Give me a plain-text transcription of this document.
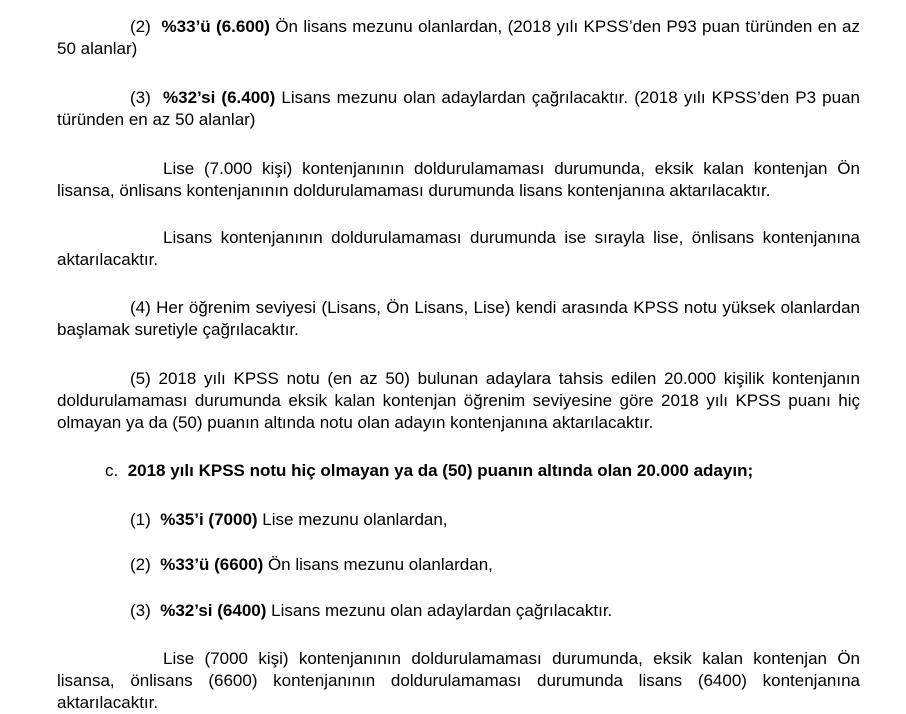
(2) %33’ü (6.600) Ön lisans mezunu olanlardan, (2018 yılı KPSS’den P93 puan türünden en az 50 alanlar)
(3) %32’si (6.400) Lisans mezunu olan adaylardan çağrılacaktır. (2018 yılı KPSS’den P3 puan türünden en az 50 alanlar)
Lise (7.000 kişi) kontenjanının doldurulamaması durumunda, eksik kalan kontenjan Ön lisansa, önlisans kontenjanının doldurulamaması durumunda lisans kontenjanına aktarılacaktır.
Lisans kontenjanının doldurulamaması durumunda ise sırayla lise, önlisans kontenjanına aktarılacaktır.
(4) Her öğrenim seviyesi (Lisans, Ön Lisans, Lise) kendi arasında KPSS notu yüksek olanlardan başlamak suretiyle çağrılacaktır.
(5) 2018 yılı KPSS notu (en az 50) bulunan adaylara tahsis edilen 20.000 kişilik kontenjanın doldurulamaması durumunda eksik kalan kontenjan öğrenim seviyesine göre 2018 yılı KPSS puanı hiç olmayan ya da (50) puanın altında notu olan adayın kontenjanına aktarılacaktır.
c. 2018 yılı KPSS notu hiç olmayan ya da (50) puanın altında olan 20.000 adayın;
(1) %35’i (7000) Lise mezunu olanlardan,
(2) %33’ü (6600) Ön lisans mezunu olanlardan,
(3) %32’si (6400) Lisans mezunu olan adaylardan çağrılacaktır.
Lise (7000 kişi) kontenjanının doldurulamaması durumunda, eksik kalan kontenjan Ön lisansa, önlisans (6600) kontenjanının doldurulamaması durumunda lisans (6400) kontenjanına aktarılacaktır.
